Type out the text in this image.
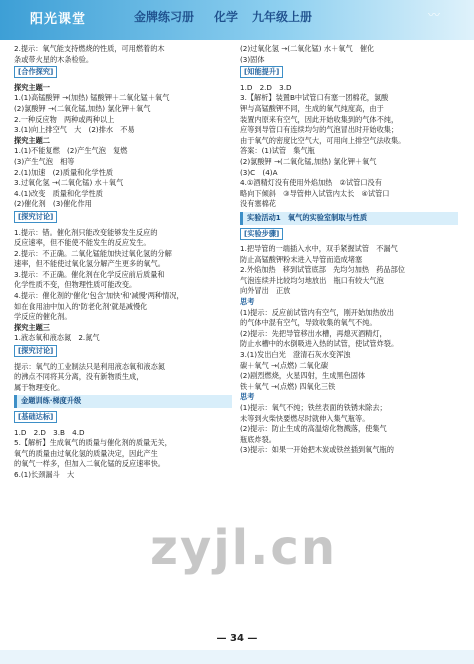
阳光课堂	金牌练习册 化学 九年级上册	〰
2.提示：氧气能支持燃烧的性质，可用燃着的木
条或带火星的木条检验。
[合作探究]
探究主题一
1.(1)高锰酸钾 →(加热) 锰酸钾＋二氧化锰＋氧气
(2)氯酸钾 →(二氧化锰,加热) 氯化钾＋氧气
2.一种反应物　两种或两种以上
3.(1)向上排空气　大　(2)排水　不易
探究主题二
1.(1)不能复燃　(2)产生气泡　复燃
(3)产生气泡　相等
2.(1)加速　(2)质量和化学性质
3.过氧化氢 →(二氧化锰) 水＋氧气
4.(1)改变　质量和化学性质
(2)催化剂　(3)催化作用
[探究讨论]
1.提示：错。催化剂只能改变能够发生反应的
反应速率，但不能使不能发生的反应发生。
2.提示：不正确。二氧化锰能加快过氧化氢的分解
速率，但不能使过氧化氢分解产生更多的氧气。
3.提示：不正确。催化剂在化学反应前后质量和
化学性质不变，但物理性质可能改变。
4.提示：催化剂的'催化'包含'加快'和'减慢'两种情况，
如在食用油中加入的'防老化剂'就是减慢化
学反应的催化剂。
探究主题三
1.液态氧和液态氮　2.氮气
[探究讨论]
提示：氧气的工业制法只是利用液态氧和液态氮
的沸点不同将其分离，没有新物质生成，
属于物理变化。
金题训练·梯度升级
[基础达标]
1.D　2.D　3.B　4.D
5.【解析】生成氧气的质量与催化剂的质量无关，
氧气的质量由过氧化氢的质量决定，因此产生
的氧气一样多，但加入二氧化锰的反应速率快。
6.(1)长颈漏斗　大
(2)过氧化氢 →(二氧化锰) 水＋氧气　催化
(3)固体
[知能提升]
1.D　2.D　3.D
3.【解析】装置B中试管口有塞一团棉花，氯酸
钾与高锰酸钾不同，生成的氧气纯度高，由于
装置内原来有空气，因此开始收集到的气体不纯，
应等到导管口有连续均匀的气泡冒出时开始收集；
由于氧气的密度比空气大，可用向上排空气法收集。
答案：(1)试管　集气瓶
(2)氯酸钾 →(二氧化锰,加热) 氯化钾＋氧气
(3)C　(4)A
4.①酒精灯没有使用外焰加热　②试管口没有
略向下倾斜　③导管伸入试管内太长　④试管口
没有塞棉花
实验活动1　氧气的实验室制取与性质
[实验步骤]
1.把导管的一端插入水中，双手紧握试管　不漏气
防止高锰酸钾粉末进入导管而造成堵塞
2.外焰加热　移到试管底部　先均匀加热　药品部位
气泡连续并比较均匀地放出　瓶口有较大气泡
向外冒出　正放
思考
(1)提示：反应前试管内有空气，刚开始加热放出
的气体中混有空气，导致收集的氧气不纯。
(2)提示：先把导管移出水槽，再熄灭酒精灯，
防止水槽中的水倒吸进入热的试管，使试管炸裂。
3.(1)发出白光　澄清石灰水变浑浊
碳＋氧气 →(点燃) 二氧化碳
(2)剧烈燃烧，火星四射，生成黑色固体
铁＋氧气 →(点燃) 四氧化三铁
思考
(1)提示：氧气不纯；铁丝表面的铁锈未除去；
未等到火柴快要燃尽时就伸入集气瓶等。
(2)提示：防止生成的高温熔化物溅落，使集气
瓶底炸裂。
(3)提示：如果一开始把木炭或铁丝插到氧气瓶的
zyjl.cn
— 34 —
